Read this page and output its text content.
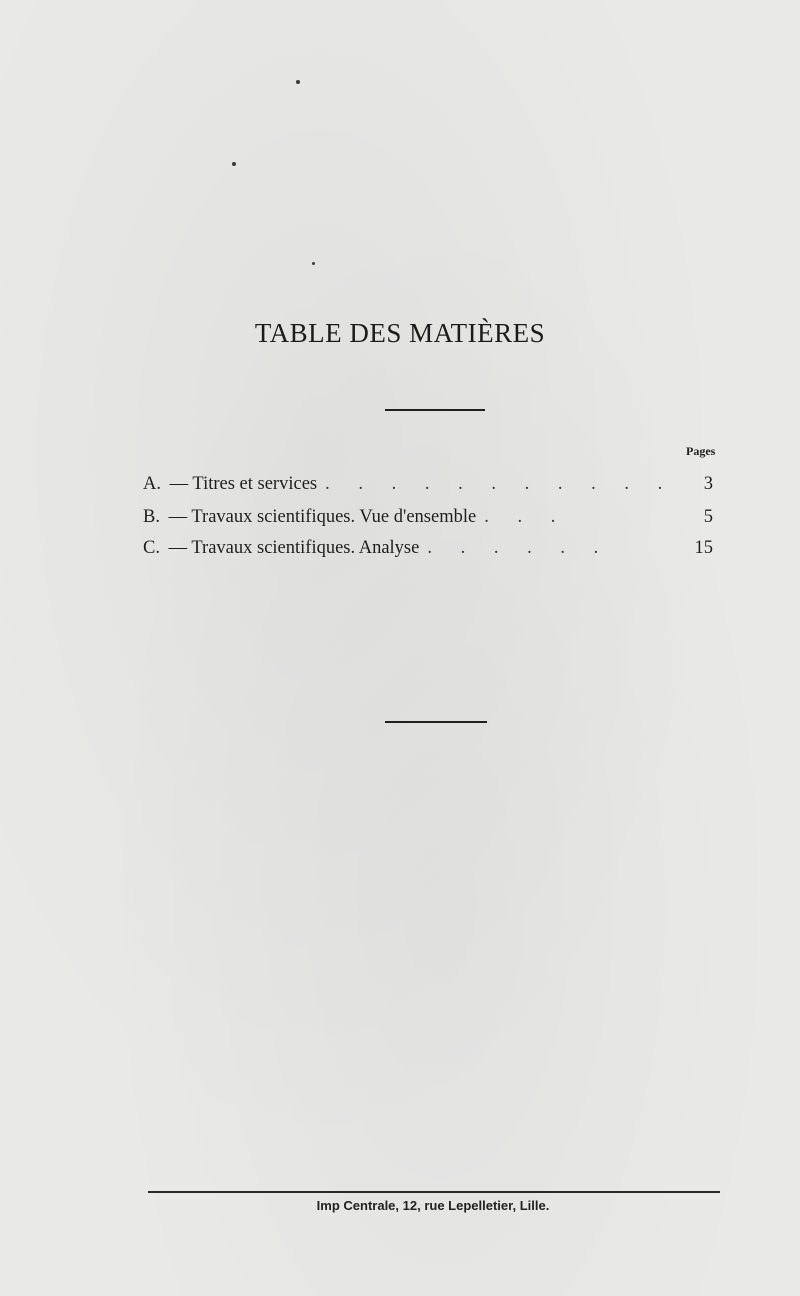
TABLE DES MATIÈRES
Pages
A. — Titres et services . . . . . . . . . . . 3
B. — Travaux scientifiques. Vue d'ensemble . . .	5
C. — Travaux scientifiques. Analyse . . . . . .	15
Imp Centrale, 12, rue Lepelletier, Lille.
